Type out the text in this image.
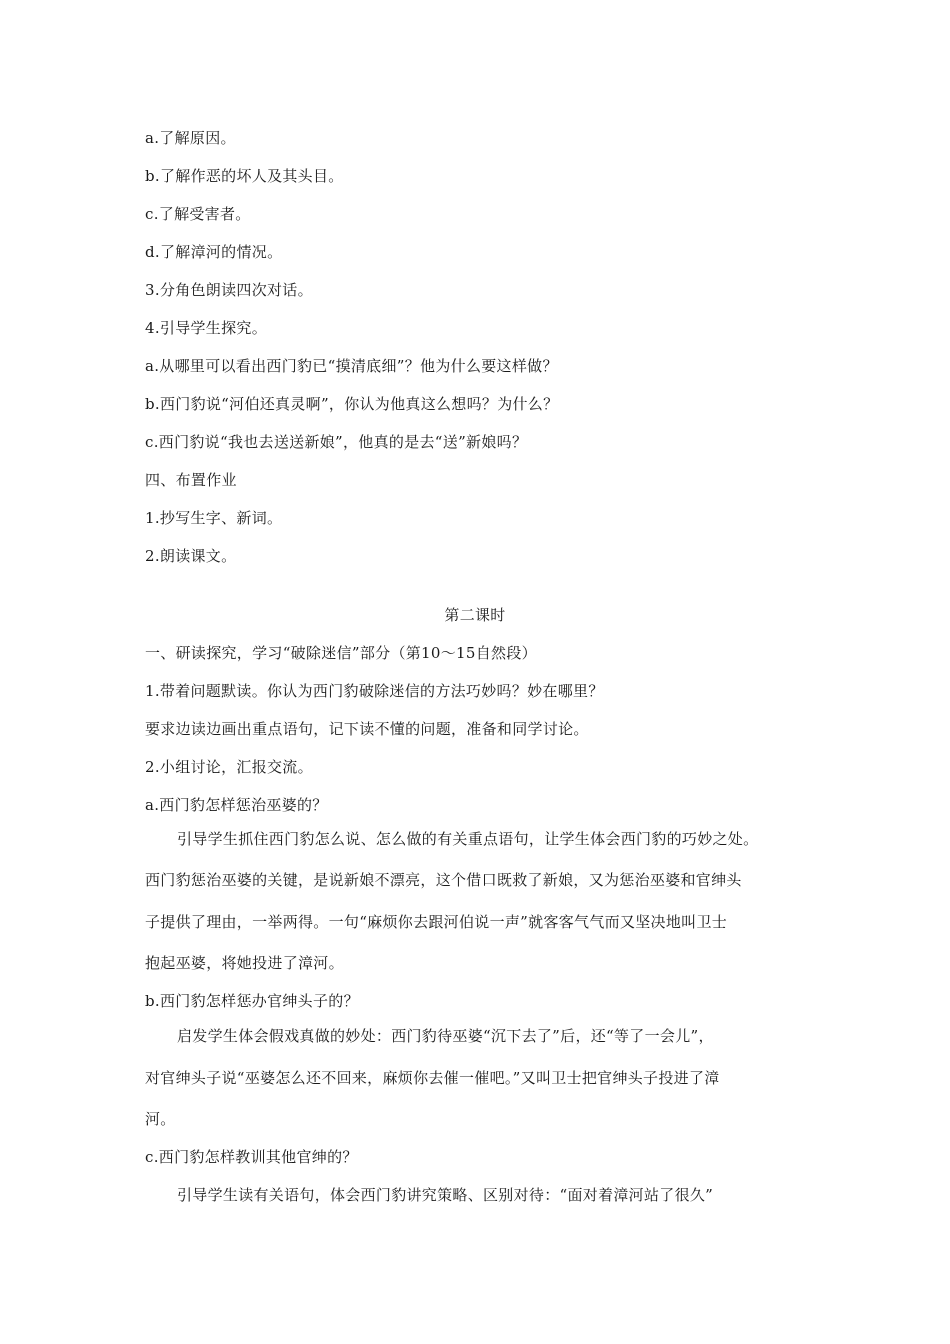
a.了解原因。
b.了解作恶的坏人及其头目。
c.了解受害者。
d.了解漳河的情况。
3.分角色朗读四次对话。
4.引导学生探究。
a.从哪里可以看出西门豹已“摸清底细”？他为什么要这样做？
b.西门豹说“河伯还真灵啊”，你认为他真这么想吗？为什么？
c.西门豹说“我也去送送新娘”，他真的是去“送”新娘吗？
四、布置作业
1.抄写生字、新词。
2.朗读课文。
第二课时
一、研读探究，学习“破除迷信”部分（第10～15自然段）
1.带着问题默读。你认为西门豹破除迷信的方法巧妙吗？妙在哪里？
要求边读边画出重点语句，记下读不懂的问题，准备和同学讨论。
2.小组讨论，汇报交流。
a.西门豹怎样惩治巫婆的？
引导学生抓住西门豹怎么说、怎么做的有关重点语句，让学生体会西门豹的巧妙之处。
西门豹惩治巫婆的关键，是说新娘不漂亮，这个借口既救了新娘，又为惩治巫婆和官绅头
子提供了理由，一举两得。一句“麻烦你去跟河伯说一声”就客客气气而又坚决地叫卫士
抱起巫婆，将她投进了漳河。
b.西门豹怎样惩办官绅头子的？
启发学生体会假戏真做的妙处：西门豹待巫婆“沉下去了”后，还“等了一会儿”，
对官绅头子说“巫婆怎么还不回来，麻烦你去催一催吧。”又叫卫士把官绅头子投进了漳
河。
c.西门豹怎样教训其他官绅的？
引导学生读有关语句，体会西门豹讲究策略、区别对待：“面对着漳河站了很久”
